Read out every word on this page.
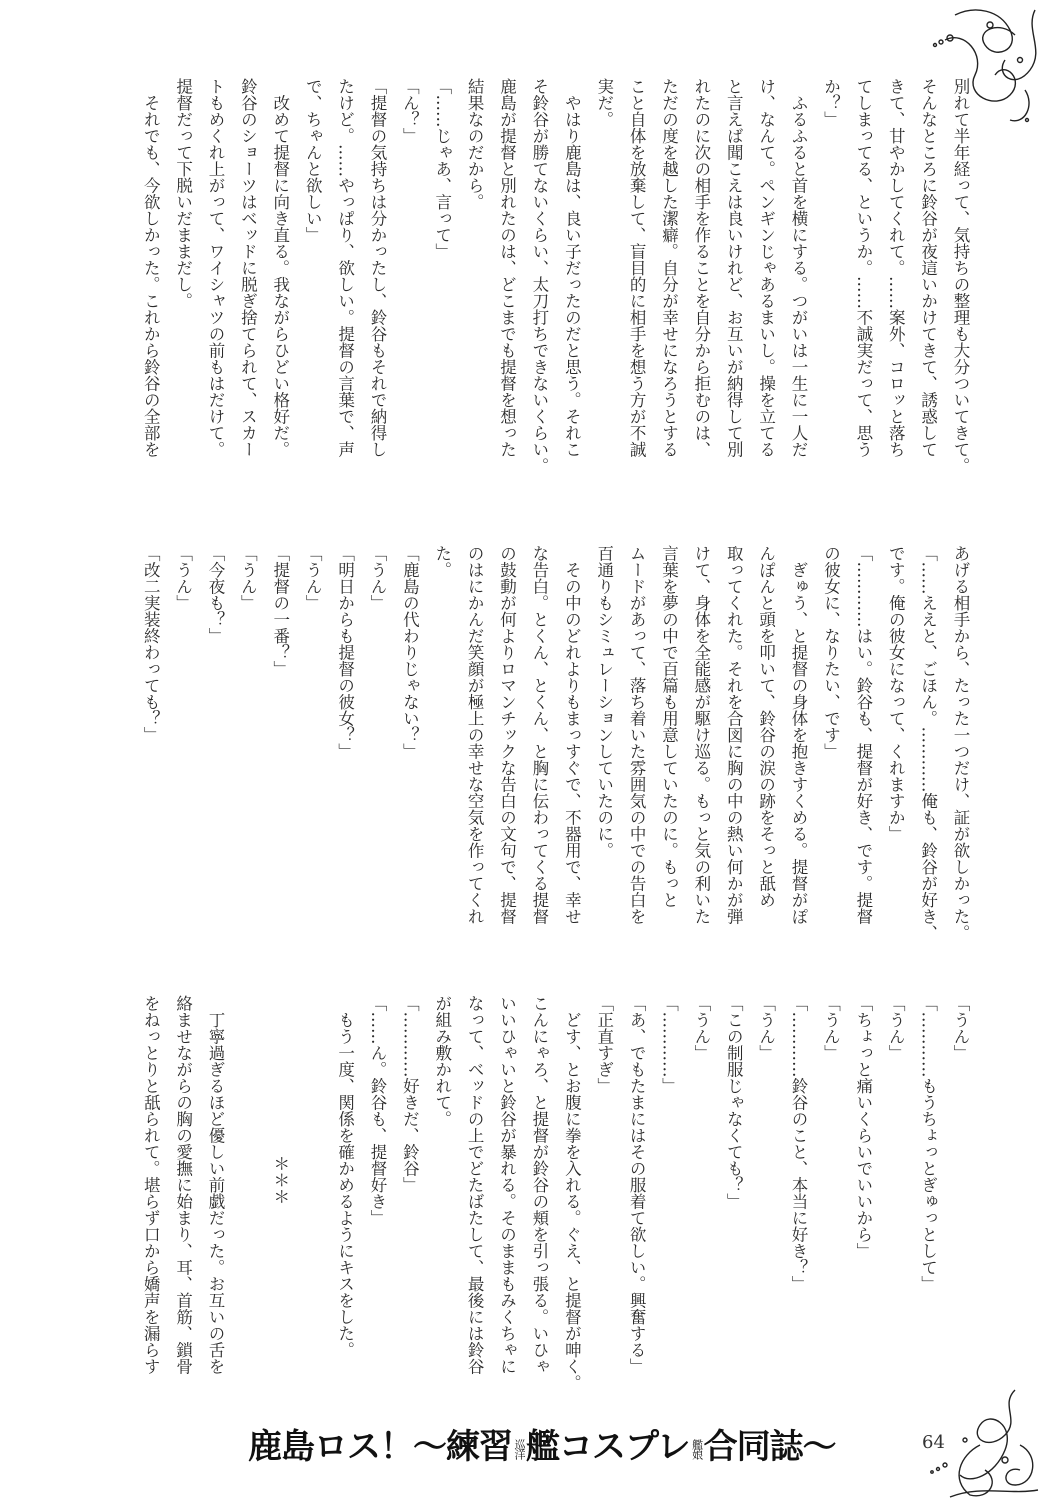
別れて半年経って、気持ちの整理も大分ついてきて。

そんなところに鈴谷が夜這いかけてきて、誘惑して

きて、甘やかしてくれて。……案外、コロッと落ち

てしまってる、というか。……不誠実だって、思う

か？」

　ふるふると首を横にする。つがいは一生に一人だ

け、なんて。ペンギンじゃあるまいし。操を立てる

と言えば聞こえは良いけれど、お互いが納得して別

れたのに次の相手を作ることを自分から拒むのは、

ただの度を越した潔癖。自分が幸せになろうとする

こと自体を放棄して、盲目的に相手を想う方が不誠

実だ。

　やはり鹿島は、良い子だったのだと思う。それこ

そ鈴谷が勝てないくらい、太刀打ちできないくらい。

鹿島が提督と別れたのは、どこまでも提督を想った

結果なのだから。

「……じゃあ、言って」

「ん？」

「提督の気持ちは分かったし、鈴谷もそれで納得し

たけど。……やっぱり、欲しい。提督の言葉で、声

で、ちゃんと欲しい」

　改めて提督に向き直る。我ながらひどい格好だ。

鈴谷のショーツはベッドに脱ぎ捨てられて、スカー

トもめくれ上がって、ワイシャツの前もはだけて。

提督だって下脱いだままだし。

　それでも、今欲しかった。これから鈴谷の全部を

あげる相手から、たった一つだけ、証が欲しかった。

「……ええと、ごほん。…………俺も、鈴谷が好き、

です。俺の彼女になって、くれますか」

「…………はい。鈴谷も、提督が好き、です。提督

の彼女に、なりたい、です」

　ぎゅう、と提督の身体を抱きすくめる。提督がぽ

んぽんと頭を叩いて、鈴谷の涙の跡をそっと舐め

取ってくれた。それを合図に胸の中の熱い何かが弾

けて、身体を全能感が駆け巡る。もっと気の利いた

言葉を夢の中で百篇も用意していたのに。もっと

ムードがあって、落ち着いた雰囲気の中での告白を

百通りもシミュレーションしていたのに。

　その中のどれよりもまっすぐで、不器用で、幸せ

な告白。とくん、とくん、と胸に伝わってくる提督

の鼓動が何よりロマンチックな告白の文句で、提督

のはにかんだ笑顔が極上の幸せな空気を作ってくれ

た。

「鹿島の代わりじゃない？」

「うん」

「明日からも提督の彼女？」

「うん」

「提督の一番？」

「うん」

「今夜も？」

「うん」

「改二実装終わっても？」

「うん」

「…………もうちょっとぎゅっとして」

「うん」

「ちょっと痛いくらいでいいから」

「うん」

「…………鈴谷のこと、本当に好き？」

「うん」

「この制服じゃなくても？」

「うん」

「…………」

「あ、でもたまにはその服着て欲しい。興奮する」

「正直すぎ」

　どす、とお腹に拳を入れる。ぐえ、と提督が呻く。

こんにゃろ、と提督が鈴谷の頬を引っ張る。いひゃ

いいひゃいと鈴谷が暴れる。そのままもみくちゃに

なって、ベッドの上でどたばたして、最後には鈴谷

が組み敷かれて。

「…………好きだ、鈴谷」

「……ん。鈴谷も、提督好き」

　もう一度、関係を確かめるようにキスをした。

＊＊＊

　丁寧過ぎるほど優しい前戯だった。お互いの舌を

絡ませながらの胸の愛撫に始まり、耳、首筋、鎖骨

をねっとりと舐られて。堪らず口から嬌声を漏らす

鹿島ロス！～練習巡洋艦コスプレ艦娘合同誌～	64
